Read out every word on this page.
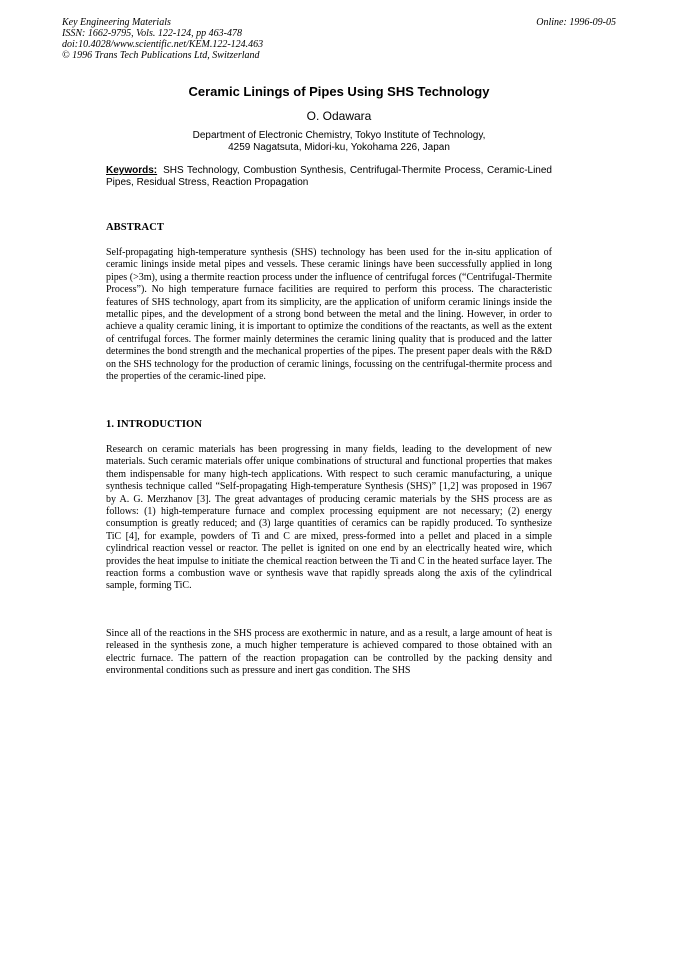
Key Engineering Materials
ISSN: 1662-9795, Vols. 122-124, pp 463-478
doi:10.4028/www.scientific.net/KEM.122-124.463
© 1996 Trans Tech Publications Ltd, Switzerland
Online: 1996-09-05
Ceramic Linings of Pipes Using SHS Technology
O. Odawara
Department of Electronic Chemistry, Tokyo Institute of Technology,
4259 Nagatsuta, Midori-ku, Yokohama 226, Japan
Keywords: SHS Technology, Combustion Synthesis, Centrifugal-Thermite Process, Ceramic-Lined Pipes, Residual Stress, Reaction Propagation
ABSTRACT

Self-propagating high-temperature synthesis (SHS) technology has been used for the in-situ application of ceramic linings inside metal pipes and vessels. These ceramic linings have been successfully applied in long pipes (>3m), using a thermite reaction process under the influence of centrifugal forces (“Centrifugal-Thermite Process”). No high temperature furnace facilities are required to perform this process. The characteristic features of SHS technology, apart from its simplicity, are the application of uniform ceramic linings inside the metallic pipes, and the development of a strong bond between the metal and the lining. However, in order to achieve a quality ceramic lining, it is important to optimize the conditions of the reactants, as well as the extent of centrifugal forces. The former mainly determines the ceramic lining quality that is produced and the latter determines the bond strength and the mechanical properties of the pipes. The present paper deals with the R&D on the SHS technology for the production of ceramic linings, focussing on the centrifugal-thermite process and the properties of the ceramic-lined pipe.

1. INTRODUCTION

Research on ceramic materials has been progressing in many fields, leading to the development of new materials. Such ceramic materials offer unique combinations of structural and functional properties that makes them indispensable for many high-tech applications. With respect to such ceramic manufacturing, a unique synthesis technique called “Self-propagating High-temperature Synthesis (SHS)” [1,2] was proposed in 1967 by A. G. Merzhanov [3]. The great advantages of producing ceramic materials by the SHS process are as follows: (1) high-temperature furnace and complex processing equipment are not necessary; (2) energy consumption is greatly reduced; and (3) large quantities of ceramics can be rapidly produced. To synthesize TiC [4], for example, powders of Ti and C are mixed, press-formed into a pellet and placed in a simple cylindrical reaction vessel or reactor. The pellet is ignited on one end by an electrically heated wire, which provides the heat impulse to initiate the chemical reaction between the Ti and C in the heated surface layer. The reaction forms a combustion wave or synthesis wave that rapidly spreads along the axis of the cylindrical sample, forming TiC.

Since all of the reactions in the SHS process are exothermic in nature, and as a result, a large amount of heat is released in the synthesis zone, a much higher temperature is achieved compared to those obtained with an electric furnace. The pattern of the reaction propagation can be controlled by the packing density and environmental conditions such as pressure and inert gas condition. The SHS
